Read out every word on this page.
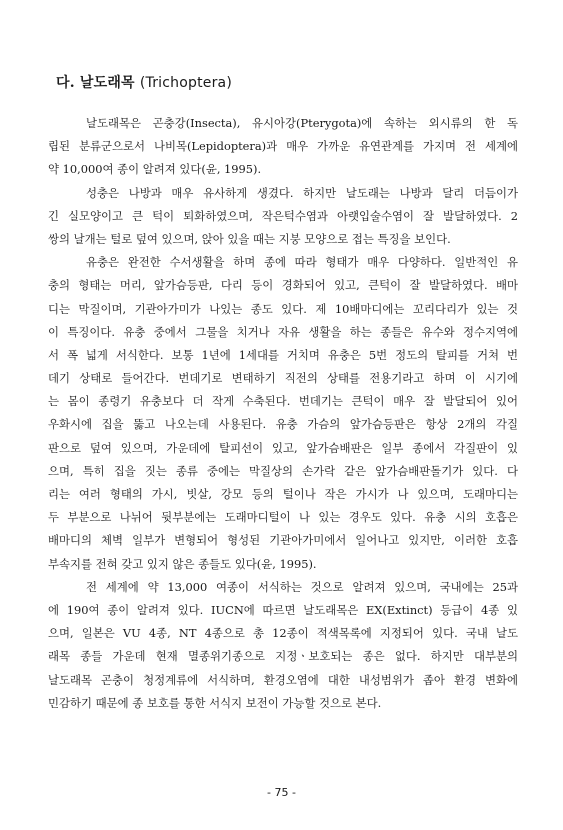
다. 날도래목 (Trichoptera)
날도래목은 곤충강(Insecta), 유시아강(Pterygota)에 속하는 외시류의 한 독
립된 분류군으로서 나비목(Lepidoptera)과 매우 가까운 유연관계를 가지며 전 세계에
약 10,000여 종이 알려져 있다(윤, 1995).
성충은 나방과 매우 유사하게 생겼다. 하지만 날도래는 나방과 달리 더듬이가
긴 실모양이고 큰 턱이 퇴화하였으며, 작은턱수염과 아랫입술수염이 잘 발달하였다. 2
쌍의 날개는 털로 덮여 있으며, 앉아 있을 때는 지붕 모양으로 접는 특징을 보인다.
유충은 완전한 수서생활을 하며 종에 따라 형태가 매우 다양하다. 일반적인 유
충의 형태는 머리, 앞가슴등판, 다리 등이 경화되어 있고, 큰턱이 잘 발달하였다. 배마
디는 막질이며, 기관아가미가 나있는 종도 있다. 제 10배마디에는 꼬리다리가 있는 것
이 특징이다. 유충 중에서 그물을 치거나 자유 생활을 하는 종들은 유수와 정수지역에
서 폭 넓게 서식한다. 보통 1년에 1세대를 거치며 유충은 5번 정도의 탈피를 거쳐 번
데기 상태로 들어간다. 번데기로 변태하기 직전의 상태를 전용기라고 하며 이 시기에
는 몸이 종령기 유충보다 더 작게 수축된다. 번데기는 큰턱이 매우 잘 발달되어 있어
우화시에 집을 뚫고 나오는데 사용된다. 유충 가슴의 앞가슴등판은 항상 2개의 각질
판으로 덮여 있으며, 가운데에 탈피선이 있고, 앞가슴배판은 일부 종에서 각질판이 있
으며, 특히 집을 짓는 종류 중에는 막질상의 손가락 같은 앞가슴배판돌기가 있다. 다
리는 여러 형태의 가시, 빗살, 강모 등의 털이나 작은 가시가 나 있으며, 도래마디는
두 부분으로 나뉘어 뒷부분에는 도래마디털이 나 있는 경우도 있다. 유충 시의 호흡은
배마디의 체벽 일부가 변형되어 형성된 기관아가미에서 일어나고 있지만, 이러한 호흡
부속지를 전혀 갖고 있지 않은 종들도 있다(윤, 1995).
전 세계에 약 13,000 여종이 서식하는 것으로 알려져 있으며, 국내에는 25과
에 190여 종이 알려져 있다. IUCN에 따르면 날도래목은 EX(Extinct) 등급이 4종 있
으며, 일본은 VU 4종, NT 4종으로 총 12종이 적색목록에 지정되어 있다. 국내 날도
래목 종들 가운데 현재 멸종위기종으로 지정ㆍ보호되는 종은 없다. 하지만 대부분의
날도래목 곤충이 청정계류에 서식하며, 환경오염에 대한 내성범위가 좁아 환경 변화에
민감하기 때문에 종 보호를 통한 서식지 보전이 가능할 것으로 본다.
- 75 -
